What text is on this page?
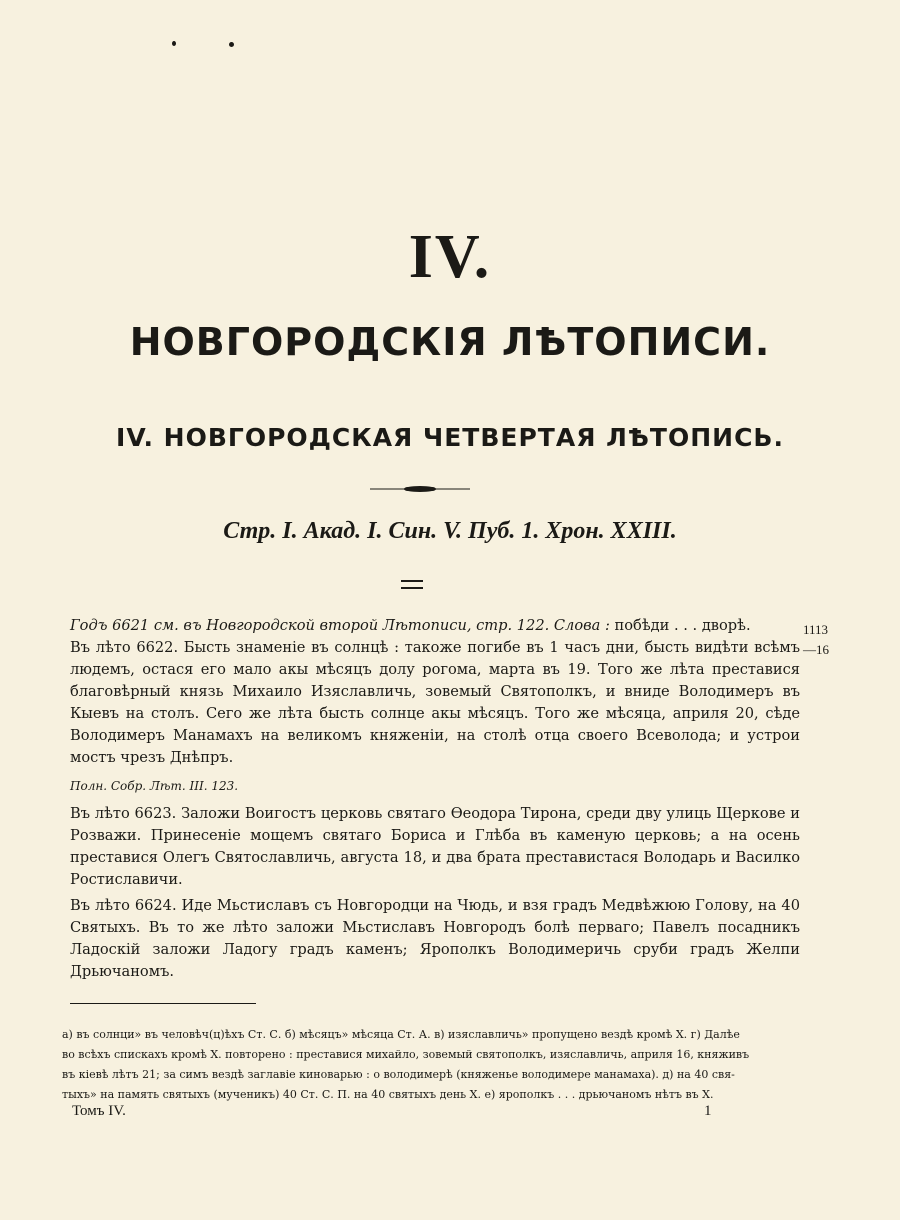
IV.
НОВГОРОДСКІЯ ЛѢТОПИСИ.
IV. НОВГОРОДСКАЯ ЧЕТВЕРТАЯ ЛѢТОПИСЬ.
Стр. I. Акад. I. Син. V. Пуб. 1. Хрон. XXIII.
1113
—16

Годъ 6621 см. въ Новгородской второй Лѣтописи, стр. 122. Слова : побѣди . . . дворѣ.

Въ лѣто 6622. Бысть знаменіе въ солнцѣ : такоже погибе въ 1 часъ дни, бысть видѣти всѣмъ людемъ, остася его мало акы мѣсяцъ долу рогома, марта въ 19. Того же лѣта преставися благовѣрный князь Михаило Изяславличь, зовемый Святополкъ, и вниде Володимеръ въ Кыевъ на столъ. Сего же лѣта бысть солнце акы мѣсяцъ. Того же мѣсяца, априля 20, сѣде Володимеръ Манамахъ на великомъ княженіи, на столѣ отца своего Всеволода; и устрои мостъ чрезъ Днѣпръ.

Полн. Собр. Лѣт. III. 123.

Въ лѣто 6623. Заложи Воигостъ церковь святаго Өеодора Тирона, среди дву улиць Щеркове и Розважи. Принесеніе мощемъ святаго Бориса и Глѣба въ каменую церковь; а на осень преставися Олегъ Святославличь, августа 18, и два брата преставистася Володарь и Василко Ростиславичи.

Въ лѣто 6624. Иде Мьстиславъ съ Новгородци на Чюдь, и взя градъ Медвѣжюю Голову, на 40 Святыхъ. Въ то же лѣто заложи Мьстиславъ Новгородъ болѣ перваго; Павелъ посадникъ Ладоскій заложи Ладогу градъ каменъ; Ярополкъ Володимеричь сруби градъ Желпи Дрьючаномъ.

а) въ солнци» въ человѣч(ц)ѣхъ Ст. С. б) мѣсяцъ» мѣсяца Ст. А. в) изяславличь» пропущено вездѣ кромѣ Х. г) Далѣе
во всѣхъ спискахъ кромѣ Х. повторено : преставися михайло, зовемый святополкъ, изяславличь, априля 16, княживъ
въ кіевѣ лѣтъ 21; за симъ вездѣ заглавіе киноварью : о володимерѣ (княженье володимере манамаха). д) на 40 свя-
тыхъ» на память святыхъ (мученикъ) 40 Ст. С. П. на 40 святыхъ день Х. е) ярополкъ . . . дрьючаномъ нѣтъ въ Х.
Томъ IV.	1
